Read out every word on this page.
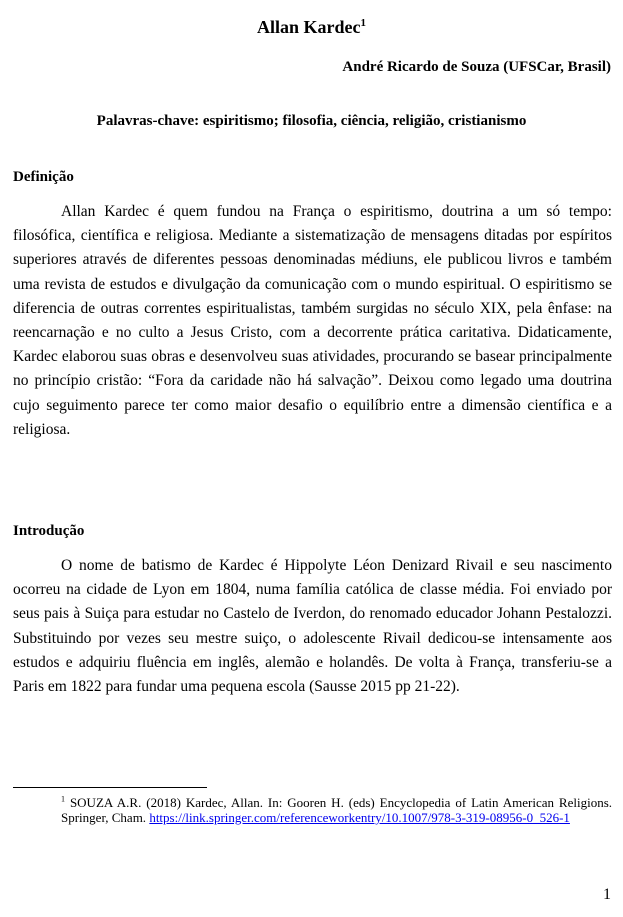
Allan Kardec$^1$
André Ricardo de Souza (UFSCar, Brasil)
Palavras-chave: espiritismo; filosofia, ciência, religião, cristianismo
Definição

Allan Kardec é quem fundou na França o espiritismo, doutrina a um só tempo: filosófica, científica e religiosa. Mediante a sistematização de mensagens ditadas por espíritos superiores através de diferentes pessoas denominadas médiuns, ele publicou livros e também uma revista de estudos e divulgação da comunicação com o mundo espiritual. O espiritismo se diferencia de outras correntes espiritualistas, também surgidas no século XIX, pela ênfase: na reencarnação e no culto a Jesus Cristo, com a decorrente prática caritativa. Didaticamente, Kardec elaborou suas obras e desenvolveu suas atividades, procurando se basear principalmente no princípio cristão: “Fora da caridade não há salvação”. Deixou como legado uma doutrina cujo seguimento parece ter como maior desafio o equilíbrio entre a dimensão científica e a religiosa.

Introdução

O nome de batismo de Kardec é Hippolyte Léon Denizard Rivail e seu nascimento ocorreu na cidade de Lyon em 1804, numa família católica de classe média. Foi enviado por seus pais à Suiça para estudar no Castelo de Iverdon, do renomado educador Johann Pestalozzi. Substituindo por vezes seu mestre suiço, o adolescente Rivail dedicou-se intensamente aos estudos e adquiriu fluência em inglês, alemão e holandês. De volta à França, transferiu-se a Paris em 1822 para fundar uma pequena escola (Sausse 2015 pp 21-22).

$^1$ SOUZA A.R. (2018) Kardec, Allan. In: Gooren H. (eds) Encyclopedia of Latin American Religions. Springer, Cham. https://link.springer.com/referenceworkentry/10.1007/978-3-319-08956-0_526-1

1
